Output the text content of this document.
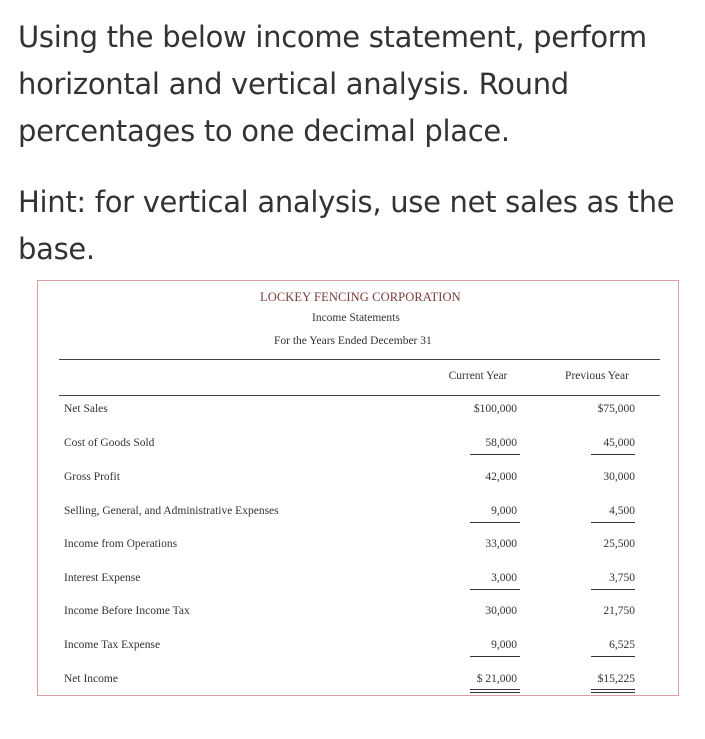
Using the below income statement, perform horizontal and vertical analysis. Round percentages to one decimal place.

Hint: for vertical analysis, use net sales as the base.

LOCKEY FENCING CORPORATION
Income Statements
For the Years Ended December 31
Current Year	Previous Year
Net Sales	$100,000	$75,000
Cost of Goods Sold	58,000	45,000
Gross Profit	42,000	30,000
Selling, General, and Administrative Expenses	9,000	4,500
Income from Operations	33,000	25,500
Interest Expense	3,000	3,750
Income Before Income Tax	30,000	21,750
Income Tax Expense	9,000	6,525
Net Income	$ 21,000	$15,225
